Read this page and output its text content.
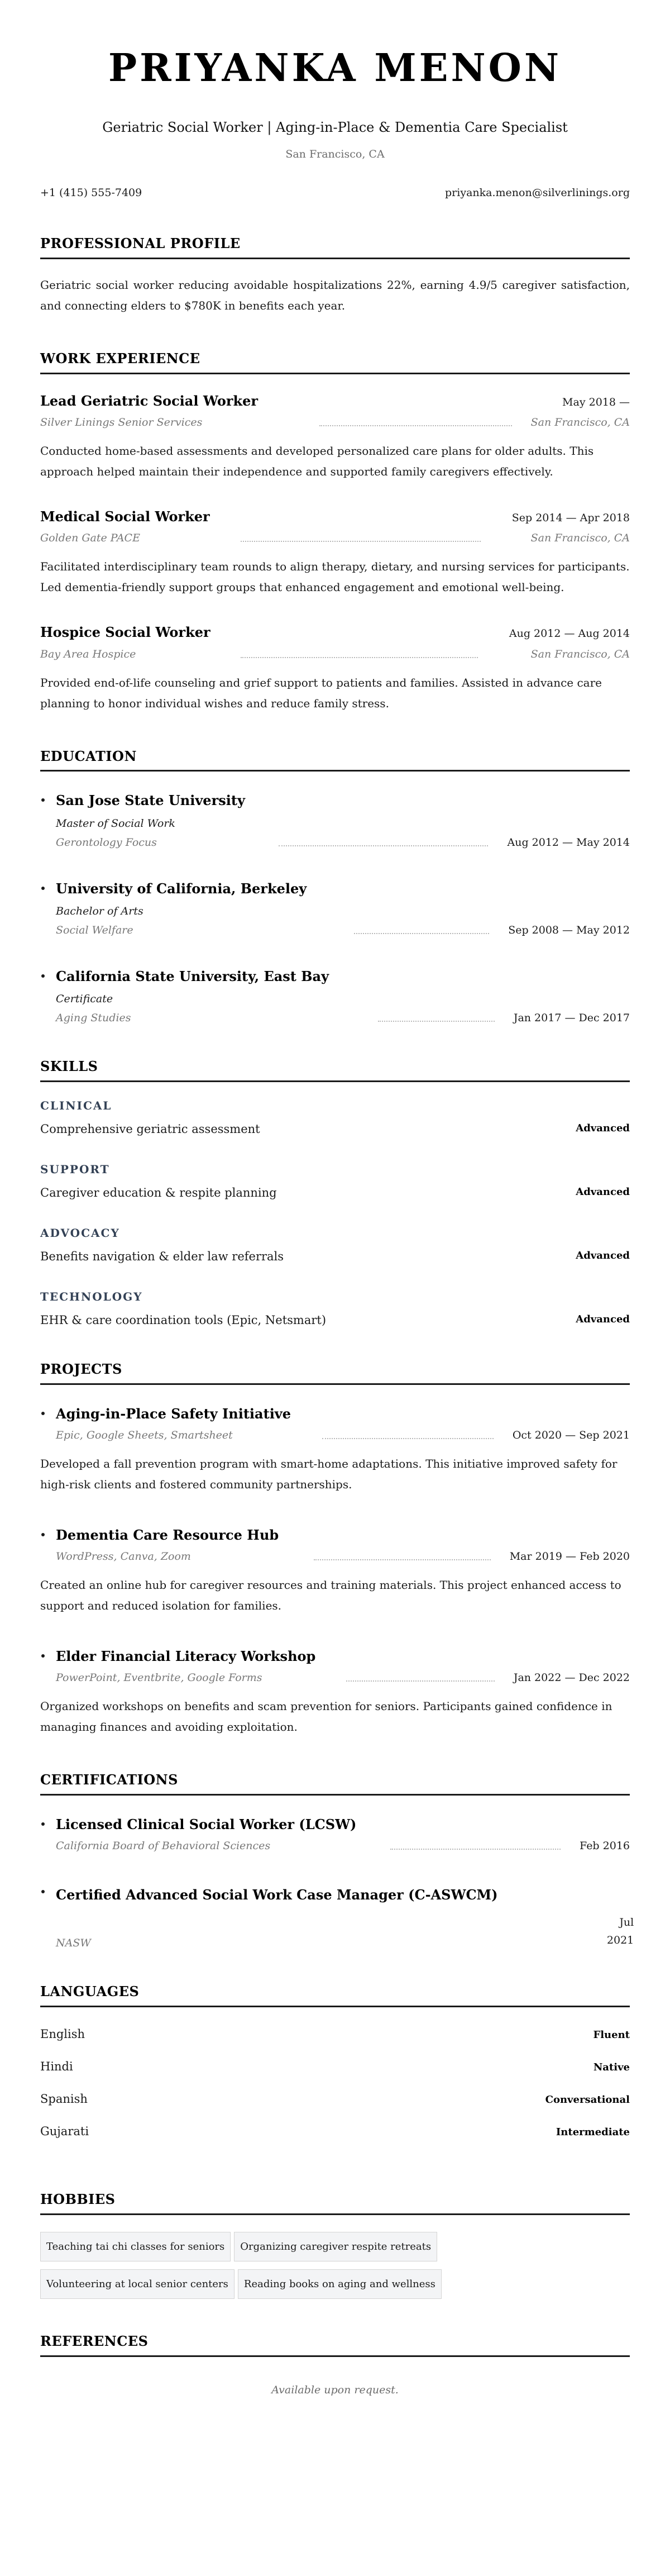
PRIYANKA MENON
Geriatric Social Worker | Aging-in-Place & Dementia Care Specialist
San Francisco, CA
+1 (415) 555-7409	priyanka.menon@silverlinings.org
PROFESSIONAL PROFILE

Geriatric social worker reducing avoidable hospitalizations 22%, earning 4.9/5 caregiver satisfaction, and connecting elders to $780K in benefits each year.

WORK EXPERIENCE
Lead Geriatric Social Worker	May 2018 —
Silver Linings Senior Services	San Francisco, CA

Conducted home-based assessments and developed personalized care plans for older adults. This approach helped maintain their independence and supported family caregivers effectively.

Medical Social Worker	Sep 2014 — Apr 2018
Golden Gate PACE	San Francisco, CA

Facilitated interdisciplinary team rounds to align therapy, dietary, and nursing services for participants. Led dementia-friendly support groups that enhanced engagement and emotional well-being.

Hospice Social Worker	Aug 2012 — Aug 2014
Bay Area Hospice	San Francisco, CA

Provided end-of-life counseling and grief support to patients and families. Assisted in advance care planning to honor individual wishes and reduce family stress.

EDUCATION
San Jose State University
Master of Social Work
Gerontology Focus	Aug 2012 — May 2014
University of California, Berkeley
Bachelor of Arts
Social Welfare	Sep 2008 — May 2012
California State University, East Bay
Certificate
Aging Studies	Jan 2017 — Dec 2017
SKILLS
CLINICAL
Comprehensive geriatric assessment	Advanced
SUPPORT
Caregiver education & respite planning	Advanced
ADVOCACY
Benefits navigation & elder law referrals	Advanced
TECHNOLOGY
EHR & care coordination tools (Epic, Netsmart)	Advanced
PROJECTS
Aging-in-Place Safety Initiative
Epic, Google Sheets, Smartsheet	Oct 2020 — Sep 2021

Developed a fall prevention program with smart-home adaptations. This initiative improved safety for high-risk clients and fostered community partnerships.

Dementia Care Resource Hub
WordPress, Canva, Zoom	Mar 2019 — Feb 2020

Created an online hub for caregiver resources and training materials. This project enhanced access to support and reduced isolation for families.

Elder Financial Literacy Workshop
PowerPoint, Eventbrite, Google Forms	Jan 2022 — Dec 2022

Organized workshops on benefits and scam prevention for seniors. Participants gained confidence in managing finances and avoiding exploitation.

CERTIFICATIONS
Licensed Clinical Social Worker (LCSW)
California Board of Behavioral Sciences	Feb 2016
Certified Advanced Social Work Case Manager (C-ASWCM)
NASW
Jul 2021
LANGUAGES
English	Fluent
Hindi	Native
Spanish	Conversational
Gujarati	Intermediate
HOBBIES
Teaching tai chi classes for seniors	Organizing caregiver respite retreats
Volunteering at local senior centers	Reading books on aging and wellness
REFERENCES

Available upon request.
